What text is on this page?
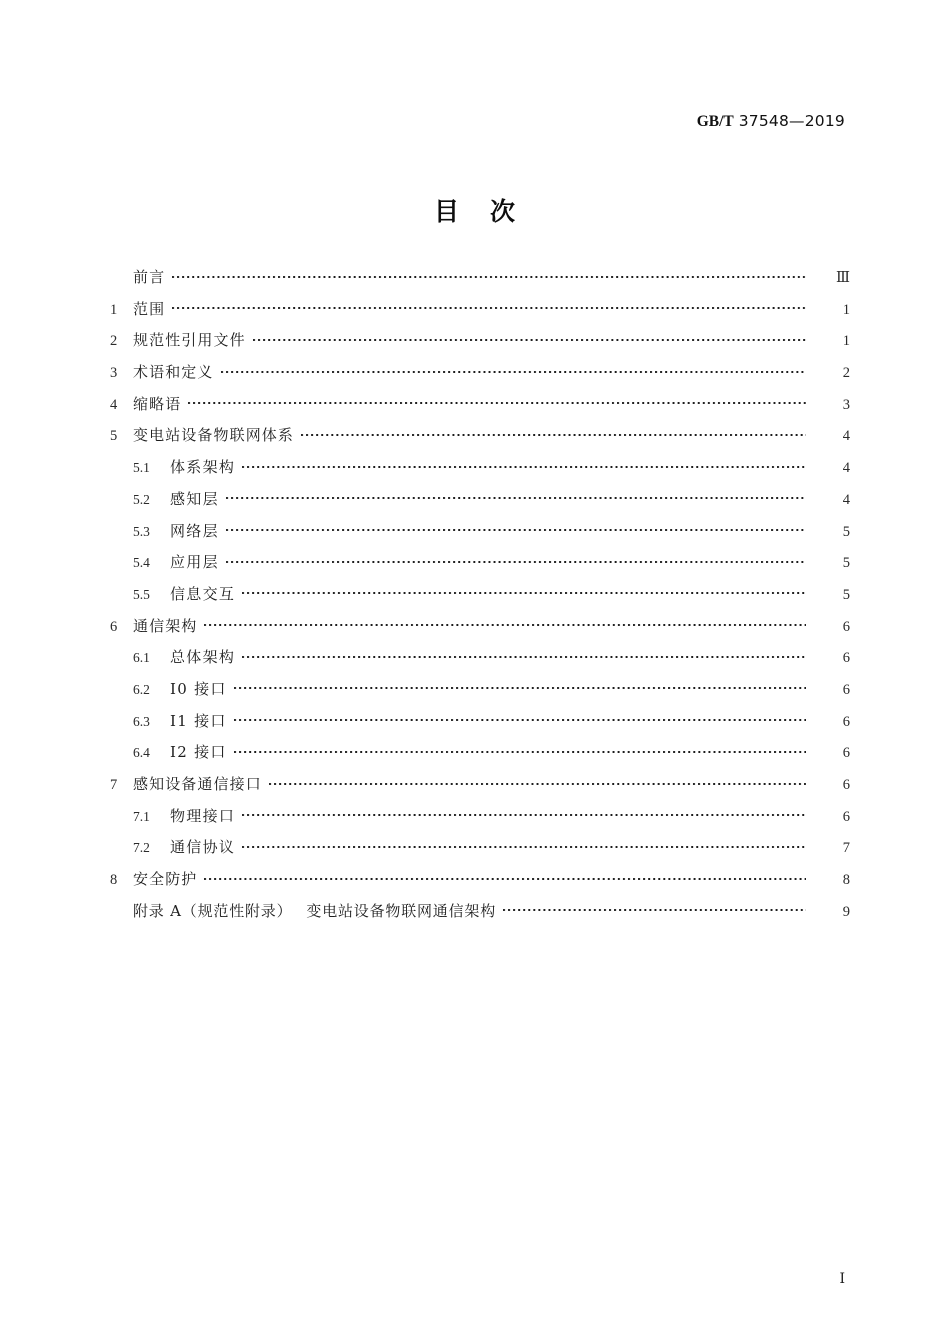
GB/T 37548—2019
目 次
前言	Ⅲ
1	范围	1
2	规范性引用文件	1
3	术语和定义	2
4	缩略语	3
5	变电站设备物联网体系	4
5.1	体系架构	4
5.2	感知层	4
5.3	网络层	5
5.4	应用层	5
5.5	信息交互	5
6	通信架构	6
6.1	总体架构	6
6.2	I0 接口	6
6.3	I1 接口	6
6.4	I2 接口	6
7	感知设备通信接口	6
7.1	物理接口	6
7.2	通信协议	7
8	安全防护	8
附录 A（规范性附录） 变电站设备物联网通信架构	9
Ⅰ
